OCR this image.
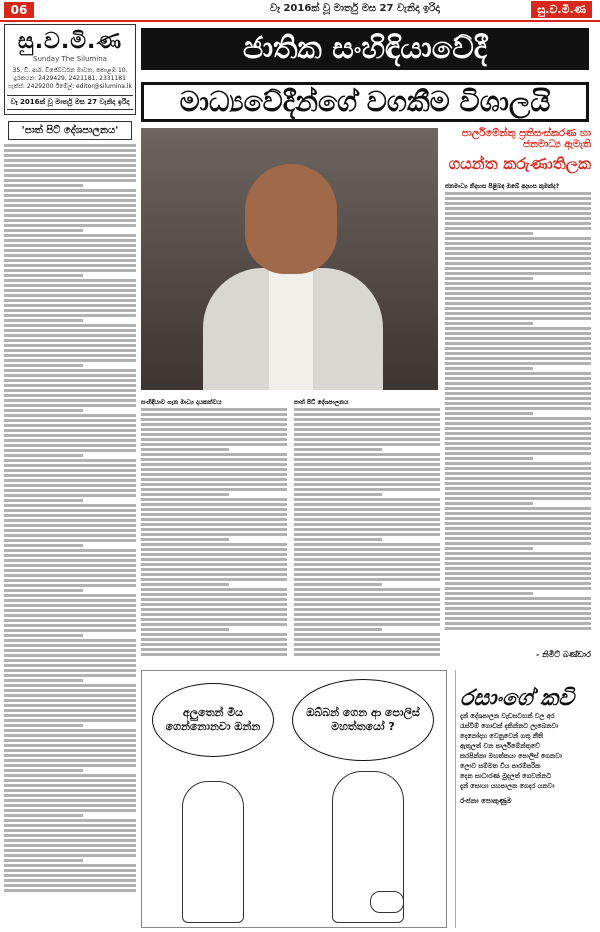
06	වෑ 2016ක් වූ මාර්තු මස 27 වැනිදා ඉරිදා	සු.ව.මි.ණ
සු.ව.මි.ණ
Sunday The Silumina
35, ඩී. ආර්. විජේවර්ධන මාවත, කොළඹ 10. දුරකථන: 2429429, 2421181, 2331181 ෆැක්ස්: 2429200 ඊමේල්: editor@silumina.lk
වෑ 2016ක් වූ මාර්තු මස 27 වැනිදා ඉරිදා
'පාත් පිට් දේශපාලනය'
ජාතික සංහිඳියාවේදී
මාධ්‍යවේදීන්ගේ වගකීම විශාලයි
පාර්ලිමේන්තු ප්‍රතිසංස්කරණ හා ජනමාධ්‍ය ඇමැති
ගයන්ත කරුණාතිලක
ජනමාධ්‍ය නිදහස පිළිබඳ ඔබේ අදහස කුමක්ද?
සංහිඳියාව ගැන මාධ්‍ය දායකත්වය	පාත් පිට් දේශපාලනය
- නිමිට් බණ්ඩාර
අලුතෙන් මීය ගෙන්නොනවා ඔන්න
ඔබ්බන් ගෙන ආ පොලිස් මහත්තයෝ ?
රසාංගේ කවි
දැන් දේශපාලන වැඩසටහන් වල අර
රැස්වීම් ගොඩක් දකින්නට ලැබෙනවා
දෙනෝදාහ වෙනුවෙන් ගතු නීති
ඇතුලත් වන පාර්ලිමේන්තුවේ
කරපින්නා මහත්තයා පොලිස් ගෙනවා
ලොව සම්මත විය පාරම්පරික
දෙන සාධාරණ මුදලත් ගෙවන්නට
දැන් සොයා යහපාලන ගෙදර යනවා
රංජනා පොකුණුම
